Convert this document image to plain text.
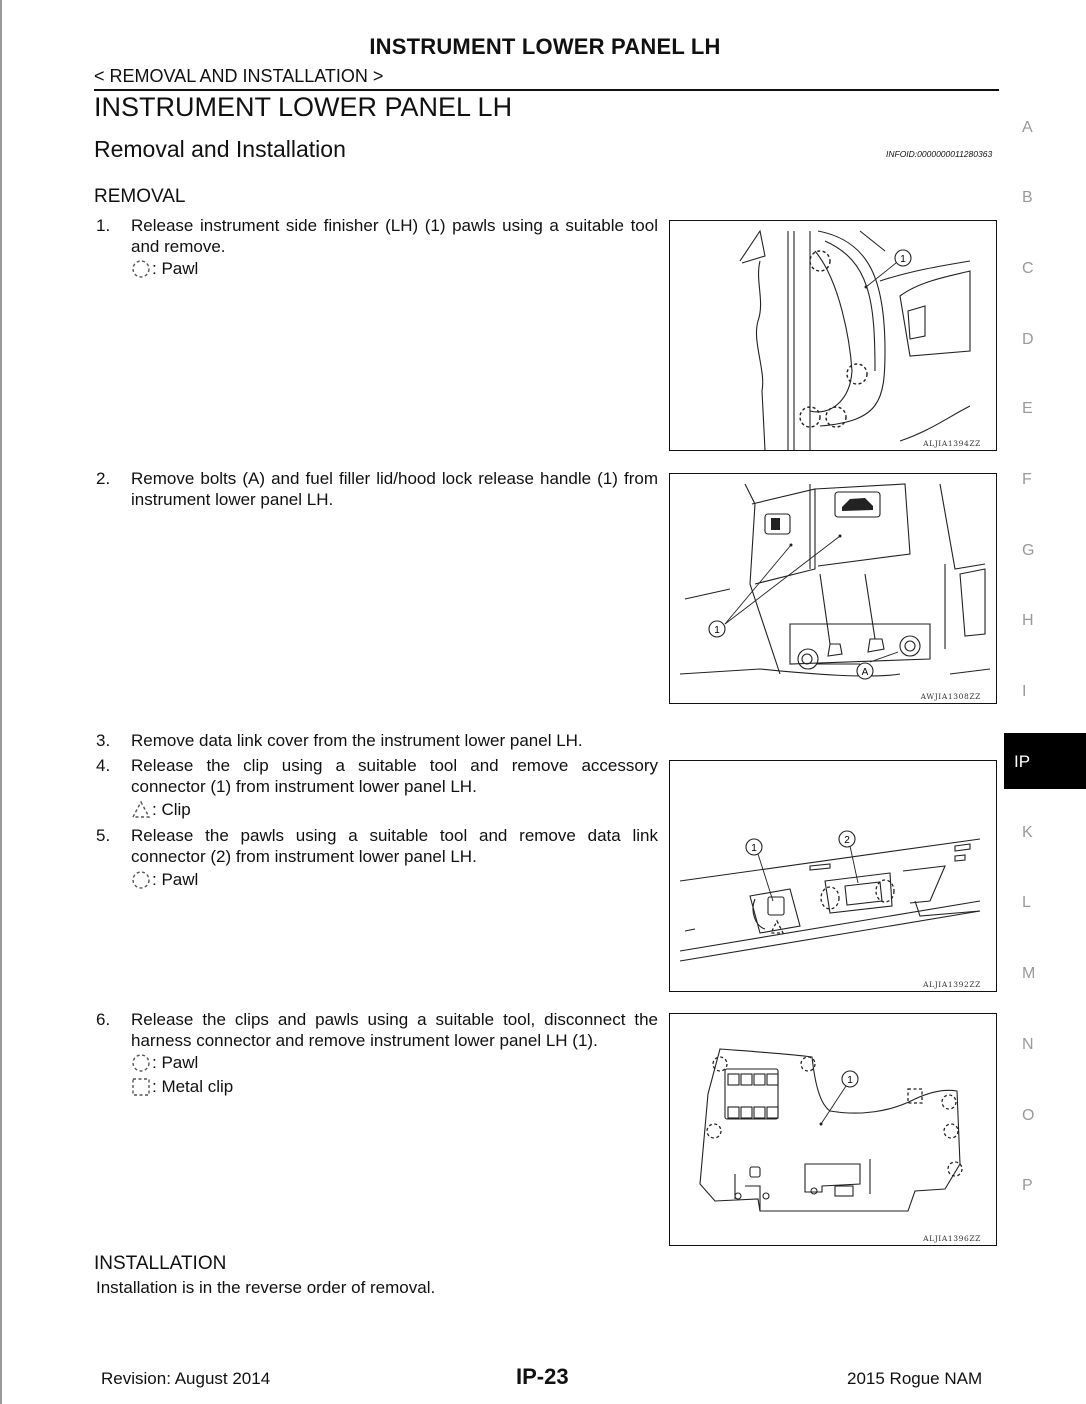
INSTRUMENT LOWER PANEL LH
< REMOVAL AND INSTALLATION >
INSTRUMENT LOWER PANEL LH
Removal and Installation	INFOID:0000000011280363
REMOVAL
1. Release instrument side finisher (LH) (1) pawls using a suitable tool and remove.
: Pawl	1
ALJIA1394ZZ
2. Remove bolts (A) and fuel filler lid/hood lock release handle (1) from instrument lower panel LH.
1
A
AWJIA1308ZZ
3. Remove data link cover from the instrument lower panel LH.
4. Release the clip using a suitable tool and remove accessory connector (1) from instrument lower panel LH.
: Clip
5. Release the pawls using a suitable tool and remove data link connector (2) from instrument lower panel LH.
: Pawl
1
2
ALJIA1392ZZ
6. Release the clips and pawls using a suitable tool, disconnect the harness connector and remove instrument lower panel LH (1).
: Pawl
: Metal clip	1
ALJIA1396ZZ
INSTALLATION
Installation is in the reverse order of removal.
A
B
C
D
E
F
G
H
I
IP
K
L
M
N
O
P
Revision: August 2014	IP-23	2015 Rogue NAM
